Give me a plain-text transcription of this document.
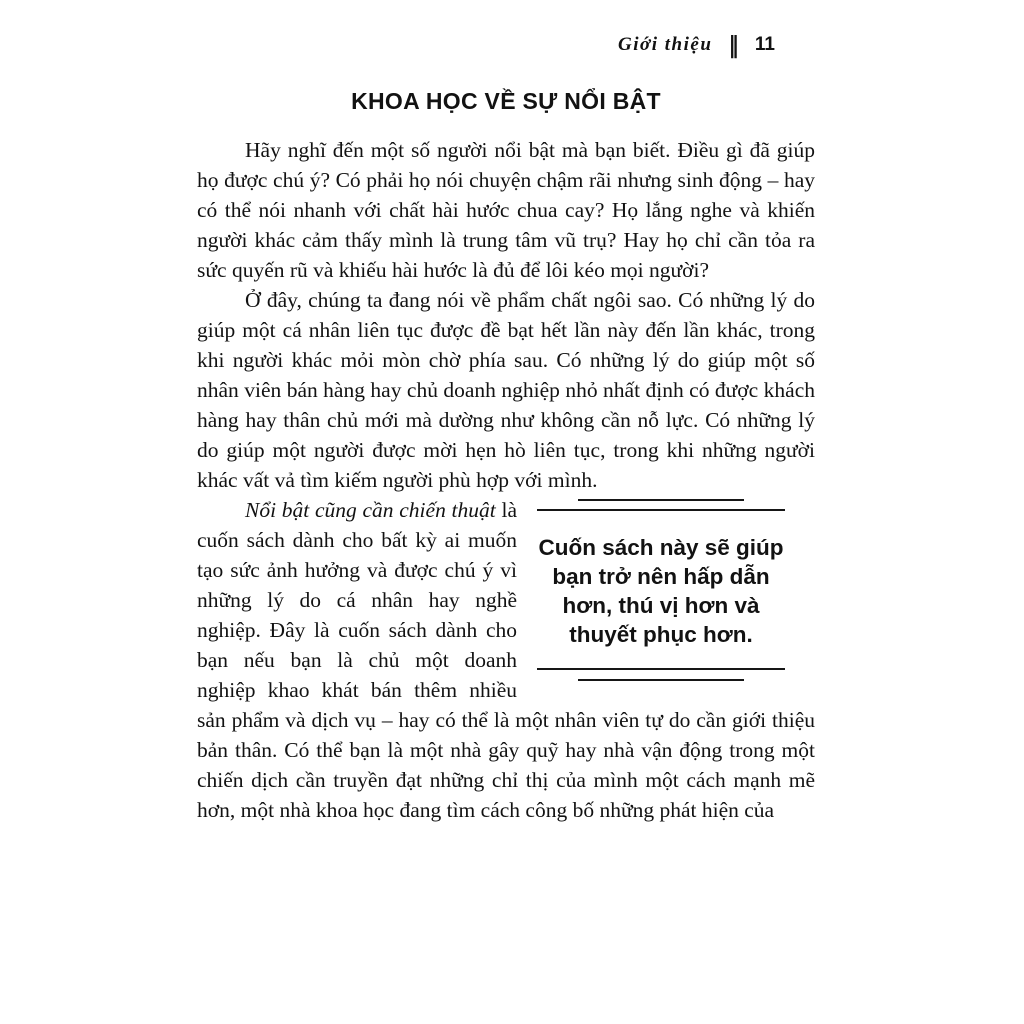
Giới thiệu ‖ 11
KHOA HỌC VỀ SỰ NỔI BẬT

Hãy nghĩ đến một số người nổi bật mà bạn biết. Điều gì đã giúp họ được chú ý? Có phải họ nói chuyện chậm rãi nhưng sinh động – hay có thể nói nhanh với chất hài hước chua cay? Họ lắng nghe và khiến người khác cảm thấy mình là trung tâm vũ trụ? Hay họ chỉ cần tỏa ra sức quyến rũ và khiếu hài hước là đủ để lôi kéo mọi người?

Ở đây, chúng ta đang nói về phẩm chất ngôi sao. Có những lý do giúp một cá nhân liên tục được đề bạt hết lần này đến lần khác, trong khi người khác mỏi mòn chờ phía sau. Có những lý do giúp một số nhân viên bán hàng hay chủ doanh nghiệp nhỏ nhất định có được khách hàng hay thân chủ mới mà dường như không cần nỗ lực. Có những lý do giúp một người được mời hẹn hò liên tục, trong khi những người khác vất vả tìm kiếm người phù hợp với mình.

Cuốn sách này sẽ giúp bạn trở nên hấp dẫn hơn, thú vị hơn và thuyết phục hơn.
Nổi bật cũng cần chiến thuật là cuốn sách dành cho bất kỳ ai muốn tạo sức ảnh hưởng và được chú ý vì những lý do cá nhân hay nghề nghiệp. Đây là cuốn sách dành cho bạn nếu bạn là chủ một doanh nghiệp khao khát bán thêm nhiều sản phẩm và dịch vụ – hay có thể là một nhân viên tự do cần giới thiệu bản thân. Có thể bạn là một nhà gây quỹ hay nhà vận động trong một chiến dịch cần truyền đạt những chỉ thị của mình một cách mạnh mẽ hơn, một nhà khoa học đang tìm cách công bố những phát hiện của
